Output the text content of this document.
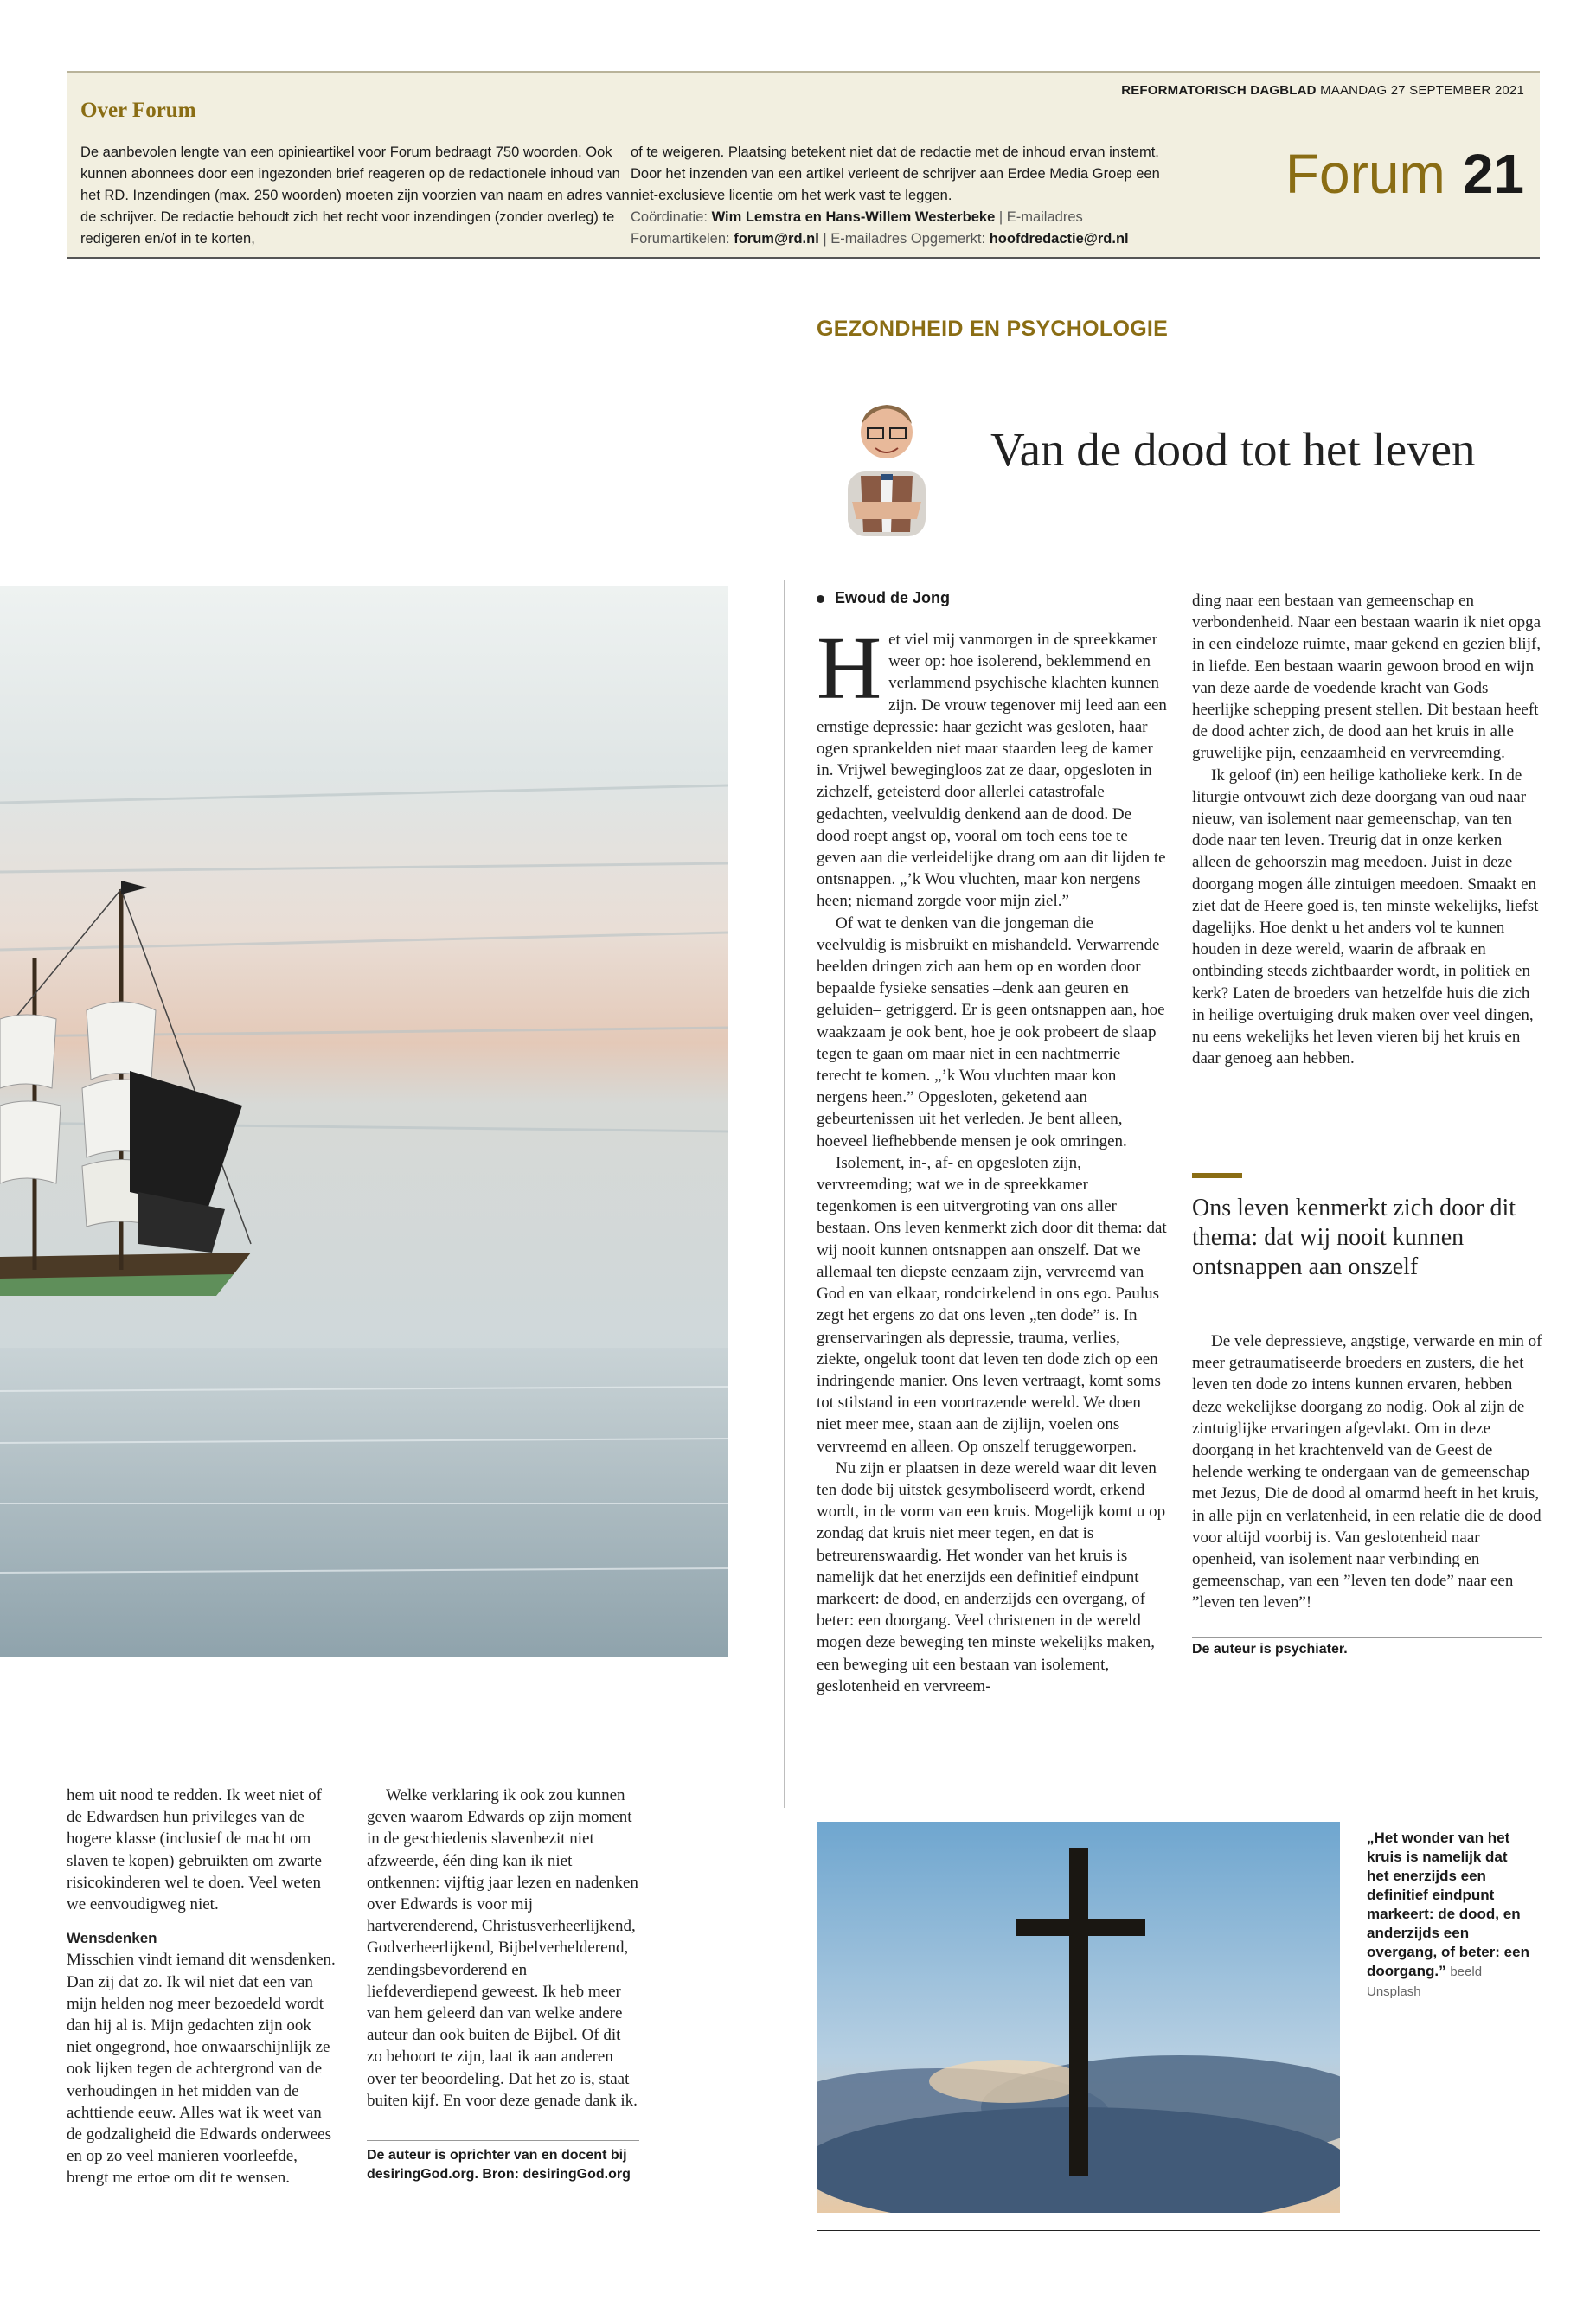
Over Forum
De aanbevolen lengte van een opinieartikel voor Forum bedraagt 750 woorden. Ook kunnen abonnees door een ingezonden brief reageren op de redactionele inhoud van het RD. Inzendingen (max. 250 woorden) moeten zijn voorzien van naam en adres van de schrijver. De redactie behoudt zich het recht voor inzendingen (zonder overleg) te redigeren en/of in te korten,
of te weigeren. Plaatsing betekent niet dat de redactie met de inhoud ervan instemt. Door het inzenden van een artikel verleent de schrijver aan Erdee Media Groep een niet-exclusieve licentie om het werk vast te leggen.
Coördinatie: Wim Lemstra en Hans-Willem Westerbeke | E-mailadres
Forumartikelen: forum@rd.nl | E-mailadres Opgemerkt: hoofdredactie@rd.nl
REFORMATORISCH DAGBLAD MAANDAG 27 SEPTEMBER 2021
Forum 21
GEZONDHEID EN PSYCHOLOGIE
Van de dood tot het leven
Ewoud de Jong

Het viel mij vanmorgen in de spreekkamer weer op: hoe isolerend, beklemmend en verlammend psychische klachten kunnen zijn. De vrouw tegenover mij leed aan een ernstige depressie: haar gezicht was gesloten, haar ogen sprankelden niet maar staarden leeg de kamer in. Vrijwel bewegingloos zat ze daar, opgesloten in zichzelf, geteisterd door allerlei catastrofale gedachten, veelvuldig denkend aan de dood. De dood roept angst op, vooral om toch eens toe te geven aan die verleidelijke drang om aan dit lijden te ontsnappen. „’k Wou vluchten, maar kon nergens heen; niemand zorgde voor mijn ziel.”

Of wat te denken van die jongeman die veelvuldig is misbruikt en mishandeld. Verwarrende beelden dringen zich aan hem op en worden door bepaalde fysieke sensaties –denk aan geuren en geluiden– getriggerd. Er is geen ontsnappen aan, hoe waakzaam je ook bent, hoe je ook probeert de slaap tegen te gaan om maar niet in een nachtmerrie terecht te komen. „’k Wou vluchten maar kon nergens heen.” Opgesloten, geketend aan gebeurtenissen uit het verleden. Je bent alleen, hoeveel liefhebbende mensen je ook omringen.

Isolement, in-, af- en opgesloten zijn, vervreemding; wat we in de spreekkamer tegenkomen is een uitvergroting van ons aller bestaan. Ons leven kenmerkt zich door dit thema: dat wij nooit kunnen ontsnappen aan onszelf. Dat we allemaal ten diepste eenzaam zijn, vervreemd van God en van elkaar, rondcirkelend in ons ego. Paulus zegt het ergens zo dat ons leven „ten dode” is. In grenservaringen als depressie, trauma, verlies, ziekte, ongeluk toont dat leven ten dode zich op een indringende manier. Ons leven vertraagt, komt soms tot stilstand in een voortrazende wereld. We doen niet meer mee, staan aan de zijlijn, voelen ons vervreemd en alleen. Op onszelf teruggeworpen.

Nu zijn er plaatsen in deze wereld waar dit leven ten dode bij uitstek gesymboliseerd wordt, erkend wordt, in de vorm van een kruis. Mogelijk komt u op zondag dat kruis niet meer tegen, en dat is betreurenswaardig. Het wonder van het kruis is namelijk dat het enerzijds een definitief eindpunt markeert: de dood, en anderzijds een overgang, of beter: een doorgang. Veel christenen in de wereld mogen deze beweging ten minste wekelijks maken, een beweging uit een bestaan van isolement, geslotenheid en vervreem-

ding naar een bestaan van gemeenschap en verbondenheid. Naar een bestaan waarin ik niet opga in een eindeloze ruimte, maar gekend en gezien blijf, in liefde. Een bestaan waarin gewoon brood en wijn van deze aarde de voedende kracht van Gods heerlijke schepping present stellen. Dit bestaan heeft de dood achter zich, de dood aan het kruis in alle gruwelijke pijn, eenzaamheid en vervreemding.

Ik geloof (in) een heilige katholieke kerk. In de liturgie ontvouwt zich deze doorgang van oud naar nieuw, van isolement naar gemeenschap, van ten dode naar ten leven. Treurig dat in onze kerken alleen de gehoorszin mag meedoen. Juist in deze doorgang mogen álle zintuigen meedoen. Smaakt en ziet dat de Heere goed is, ten minste wekelijks, liefst dagelijks. Hoe denkt u het anders vol te kunnen houden in deze wereld, waarin de afbraak en ontbinding steeds zichtbaarder wordt, in politiek en kerk? Laten de broeders van hetzelfde huis die zich in heilige overtuiging druk maken over veel dingen, nu eens wekelijks het leven vieren bij het kruis en daar genoeg aan hebben.

Ons leven kenmerkt zich door dit thema: dat wij nooit kunnen ontsnappen aan onszelf

De vele depressieve, angstige, verwarde en min of meer getraumatiseerde broeders en zusters, die het leven ten dode zo intens kunnen ervaren, hebben deze wekelijkse doorgang zo nodig. Ook al zijn de zintuiglijke ervaringen afgevlakt. Om in deze doorgang in het krachtenveld van de Geest de helende werking te ondergaan van de gemeenschap met Jezus, Die de dood al omarmd heeft in het kruis, in alle pijn en verlatenheid, in een relatie die de dood voor altijd voorbij is. Van geslotenheid naar openheid, van isolement naar verbinding en gemeenschap, van een ”leven ten dode” naar een ”leven ten leven”!

De auteur is psychiater.
„Het wonder van het kruis is namelijk dat het enerzijds een definitief eindpunt markeert: de dood, en anderzijds een overgang, of beter: een doorgang.” beeld Unsplash

hem uit nood te redden. Ik weet niet of de Edwardsen hun privileges van de hogere klasse (inclusief de macht om slaven te kopen) gebruikten om zwarte risicokinderen wel te doen. Veel weten we eenvoudigweg niet.

Wensdenken

Misschien vindt iemand dit wensdenken. Dan zij dat zo. Ik wil niet dat een van mijn helden nog meer bezoedeld wordt dan hij al is. Mijn gedachten zijn ook niet ongegrond, hoe onwaarschijnlijk ze ook lijken tegen de achtergrond van de verhoudingen in het midden van de achttiende eeuw. Alles wat ik weet van de godzaligheid die Edwards onderwees en op zo veel manieren voorleefde, brengt me ertoe om dit te wensen.

Welke verklaring ik ook zou kunnen geven waarom Edwards op zijn moment in de geschiedenis slavenbezit niet afzweerde, één ding kan ik niet ontkennen: vijftig jaar lezen en nadenken over Edwards is voor mij hartverenderend, Christusverheerlijkend, Godverheerlijkend, Bijbelverhelderend, zendingsbevorderend en liefdeverdiepend geweest. Ik heb meer van hem geleerd dan van welke andere auteur dan ook buiten de Bijbel. Of dit zo behoort te zijn, laat ik aan anderen over ter beoordeling. Dat het zo is, staat buiten kijf. En voor deze genade dank ik.

De auteur is oprichter van en docent bij desiringGod.org. Bron: desiringGod.org
